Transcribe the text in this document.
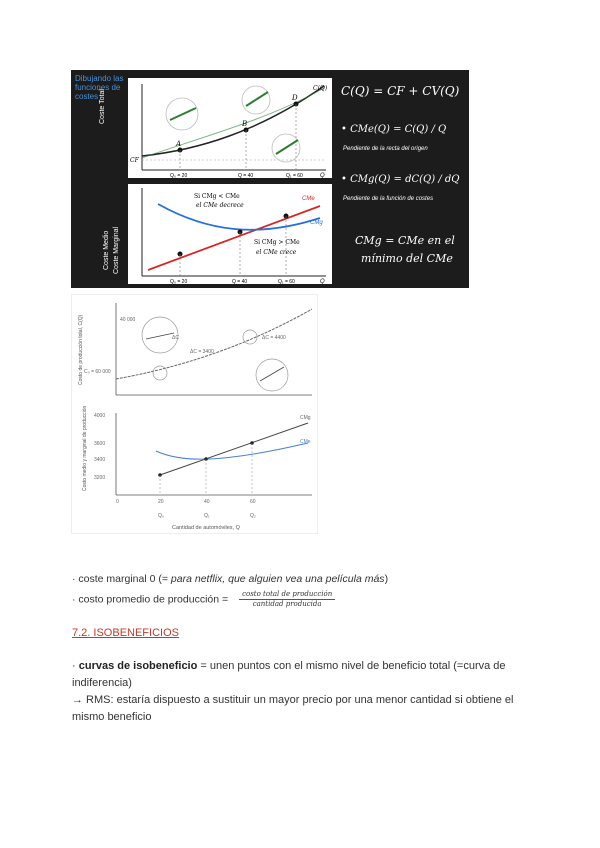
Dibujando las funciones de costes
A
B
D
C(Q)
CF
Q₀ = 20	Q = 40	Q₁ = 60	Q
Coste Total
Si CMg < CMe
el CMe decrece
Si CMg > CMe
el CMe crece
CMe
CMg
Q₀ = 20	Q = 40	Q₁ = 60	Q
Coste Medio Coste Marginal
C(Q) = CF + CV(Q)
• CMe(Q) = C(Q) / Q
Pendiente de la recta del origen
• CMg(Q) = dC(Q) / dQ
Pendiente de la función de costes
CMg = CMe en el
mínimo del CMe
40 000
C₀ = 60 000
ΔC = 3400
ΔC = 4400
ΔC
4000
3600
3400
3200
CMg
CMe
0	20	40	60
Q₀	Q₁	Q₂
Cantidad de automóviles, Q
Costo de producción total, C(Q)
Costo medio y marginal de producción
· coste marginal 0 (= para netflix, que alguien vea una película más)
· costo promedio de producción = $\frac{\text{costo total de producción}}{\text{cantidad producida}}$
7.2. ISOBENEFICIOS
· curvas de isobeneficio = unen puntos con el mismo nivel de beneficio total (=curva de indiferencia)
→ RMS: estaría dispuesto a sustituir un mayor precio por una menor cantidad si obtiene el mismo beneficio
